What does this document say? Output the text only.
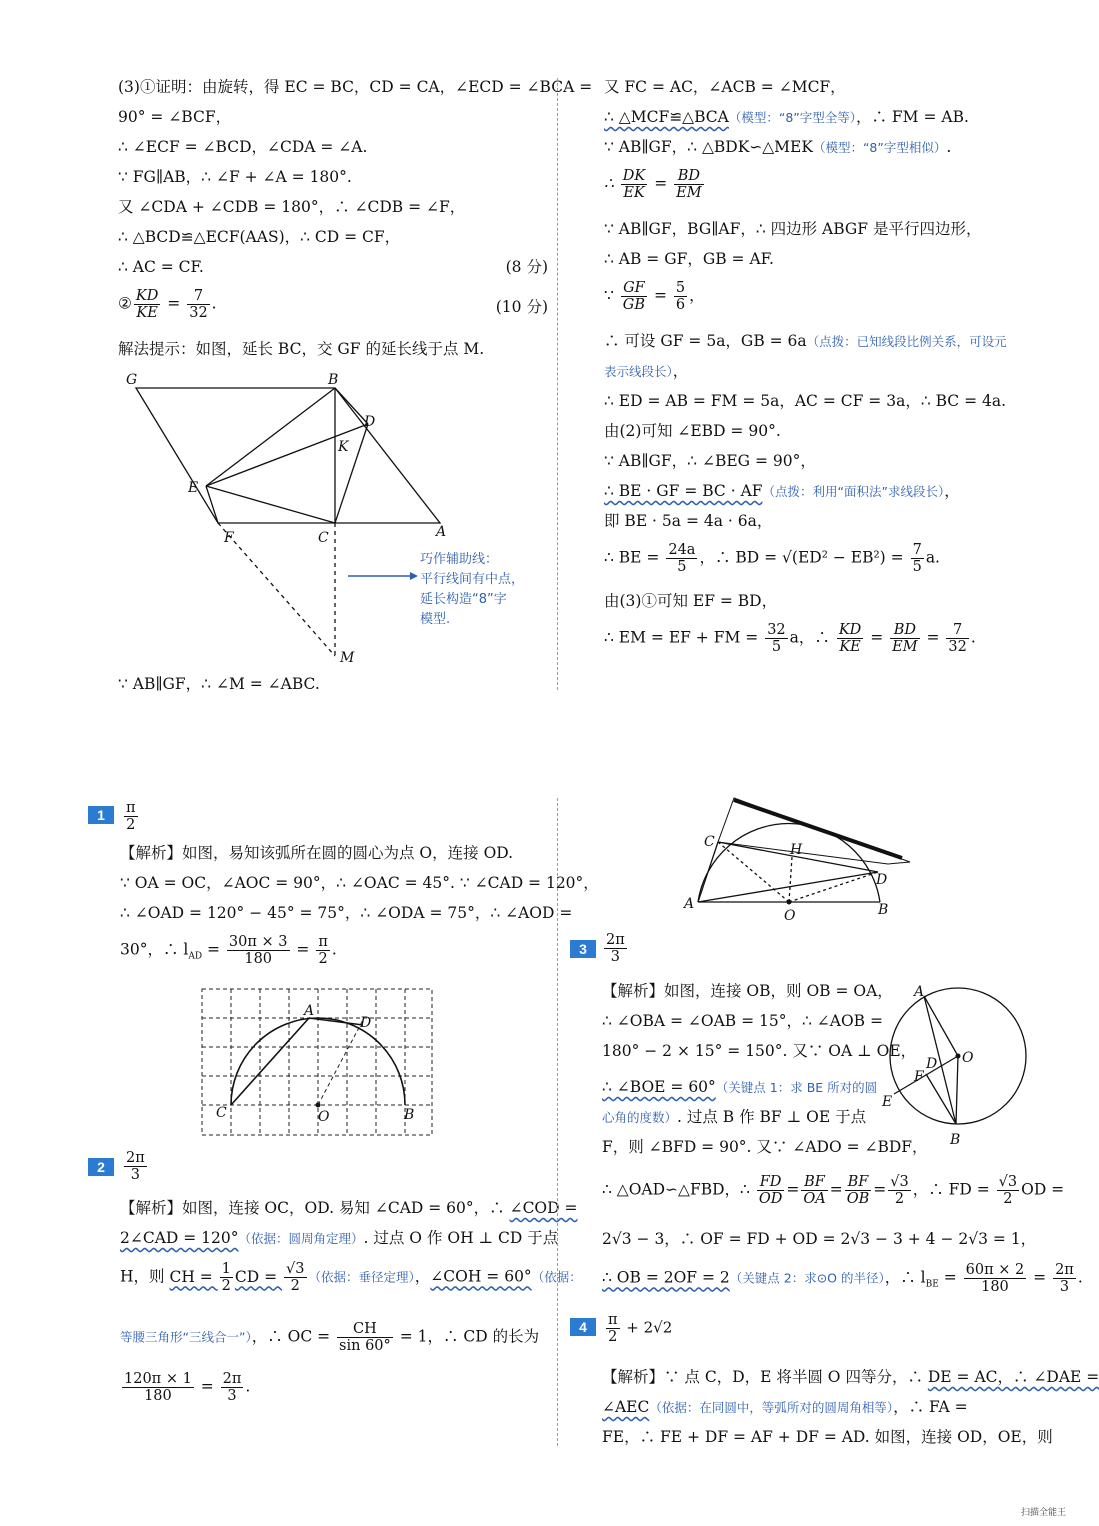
(3)①证明：由旋转，得 EC = BC，CD = CA，∠ECD = ∠BCA =
90° = ∠BCF，
∴ ∠ECF = ∠BCD，∠CDA = ∠A.
∵ FG∥AB，∴ ∠F + ∠A = 180°.
又 ∠CDA + ∠CDB = 180°，∴ ∠CDB = ∠F，
∴ △BCD≌△ECF(AAS)，∴ CD = CF，
∴ AC = CF.	(8 分)
② $\frac{KD}{KE} = \frac{7}{32}$ .	(10 分)
解法提示：如图，延长 BC，交 GF 的延长线于点 M.
∵ AB∥GF，∴ ∠M = ∠ABC.
G	B
D
K
E
F	C	A
M
巧作辅助线：
平行线间有中点，
延长构造“8”字
模型.
又 FC = AC，∠ACB = ∠MCF，
∴ △MCF≌△BCA（模型：“8”字型全等），∴ FM = AB.
∵ AB∥GF，∴ △BDK∽△MEK（模型：“8”字型相似）.
∴ $\frac{DK}{EK} = \frac{BD}{EM}$
∵ AB∥GF，BG∥AF，∴ 四边形 ABGF 是平行四边形，
∴ AB = GF，GB = AF.
∵ $\frac{GF}{GB} = \frac{5}{6}$ ，
∴ 可设 GF = 5a，GB = 6a（点拨：已知线段比例关系，可设元
表示线段长），
∴ ED = AB = FM = 5a，AC = CF = 3a，∴ BC = 4a.
由(2)可知 ∠EBD = 90°.
∵ AB∥GF，∴ ∠BEG = 90°，
∴ BE · GF = BC · AF（点拨：利用“面积法”求线段长），
即 BE · 5a = 4a · 6a，
∴ BE = $\frac{24a}{5}$ ，∴ BD = $√(ED^2 - EB^2) = \frac{7}{5} a$.
由(3)①可知 EF = BD，
∴ EM = EF + FM = $\frac{32}{5}$ a，∴ $\frac{KD}{KE} = \frac{BD}{EM} = \frac{7}{32}$ .
1	$\frac{\pi}{2}$
【解析】如图，易知该弧所在圆的圆心为点 O，连接 OD.
∵ OA = OC，∠AOC = 90°，∴ ∠OAC = 45°. ∵ ∠CAD = 120°，
∴ ∠OAD = 120° − 45° = 75°，∴ ∠ODA = 75°，∴ ∠AOD =
30°，∴ $l_{AD} = \frac{30\pi \times 3}{180} = \frac{\pi}{2}$ .
A
D
C	O	B
2	$\frac{2\pi}{3}$
【解析】如图，连接 OC，OD. 易知 ∠CAD = 60°，∴ ∠COD =
2∠CAD = 120°（依据：圆周角定理）. 过点 O 作 OH ⊥ CD 于点
H，则 CH = $\frac{1}{2}$ CD = $\frac{√3}{2}$ （依据：垂径定理），∠COH = 60°（依据：
等腰三角形“三线合一”），∴ OC = $\frac{CH}{\sin 60^\circ} = 1$，∴ CD 的长为
$\frac{120\pi \times 1}{180} = \frac{2\pi}{3}$ .
C	H
D
A
O	B
3	$\frac{2\pi}{3}$
A
D O
F
E
B
【解析】如图，连接 OB，则 OB = OA，
∴ ∠OBA = ∠OAB = 15°，∴ ∠AOB =
180° − 2 × 15° = 150°. 又∵ OA ⊥ OE，
∴ ∠BOE = 60°（关键点 1：求 BE 所对的圆
心角的度数）. 过点 B 作 BF ⊥ OE 于点
F，则 ∠BFD = 90°. 又∵ ∠ADO = ∠BDF，
∴ △OAD∽△FBD，∴ $\frac{FD}{OD} = \frac{BF}{OA} = \frac{BF}{OB} = \frac{√3}{2}$ ，∴ FD = $\frac{√3}{2}$ OD =
2√3 − 3，∴ OF = FD + OD = 2√3 − 3 + 4 − 2√3 = 1，
∴ OB = 2OF = 2（关键点 2：求⊙O 的半径），∴ $l_{BE} = \frac{60\pi \times 2}{180} = \frac{2\pi}{3}$ .
4	$\frac{\pi}{2} + 2√2$
【解析】∵ 点 C，D，E 将半圆 O 四等分，∴ DE = AC，∴ ∠DAE =
∠AEC（依据：在同圆中，等弧所对的圆周角相等），∴ FA =
FE，∴ FE + DF = AF + DF = AD. 如图，连接 OD，OE，则
扫描全能王
